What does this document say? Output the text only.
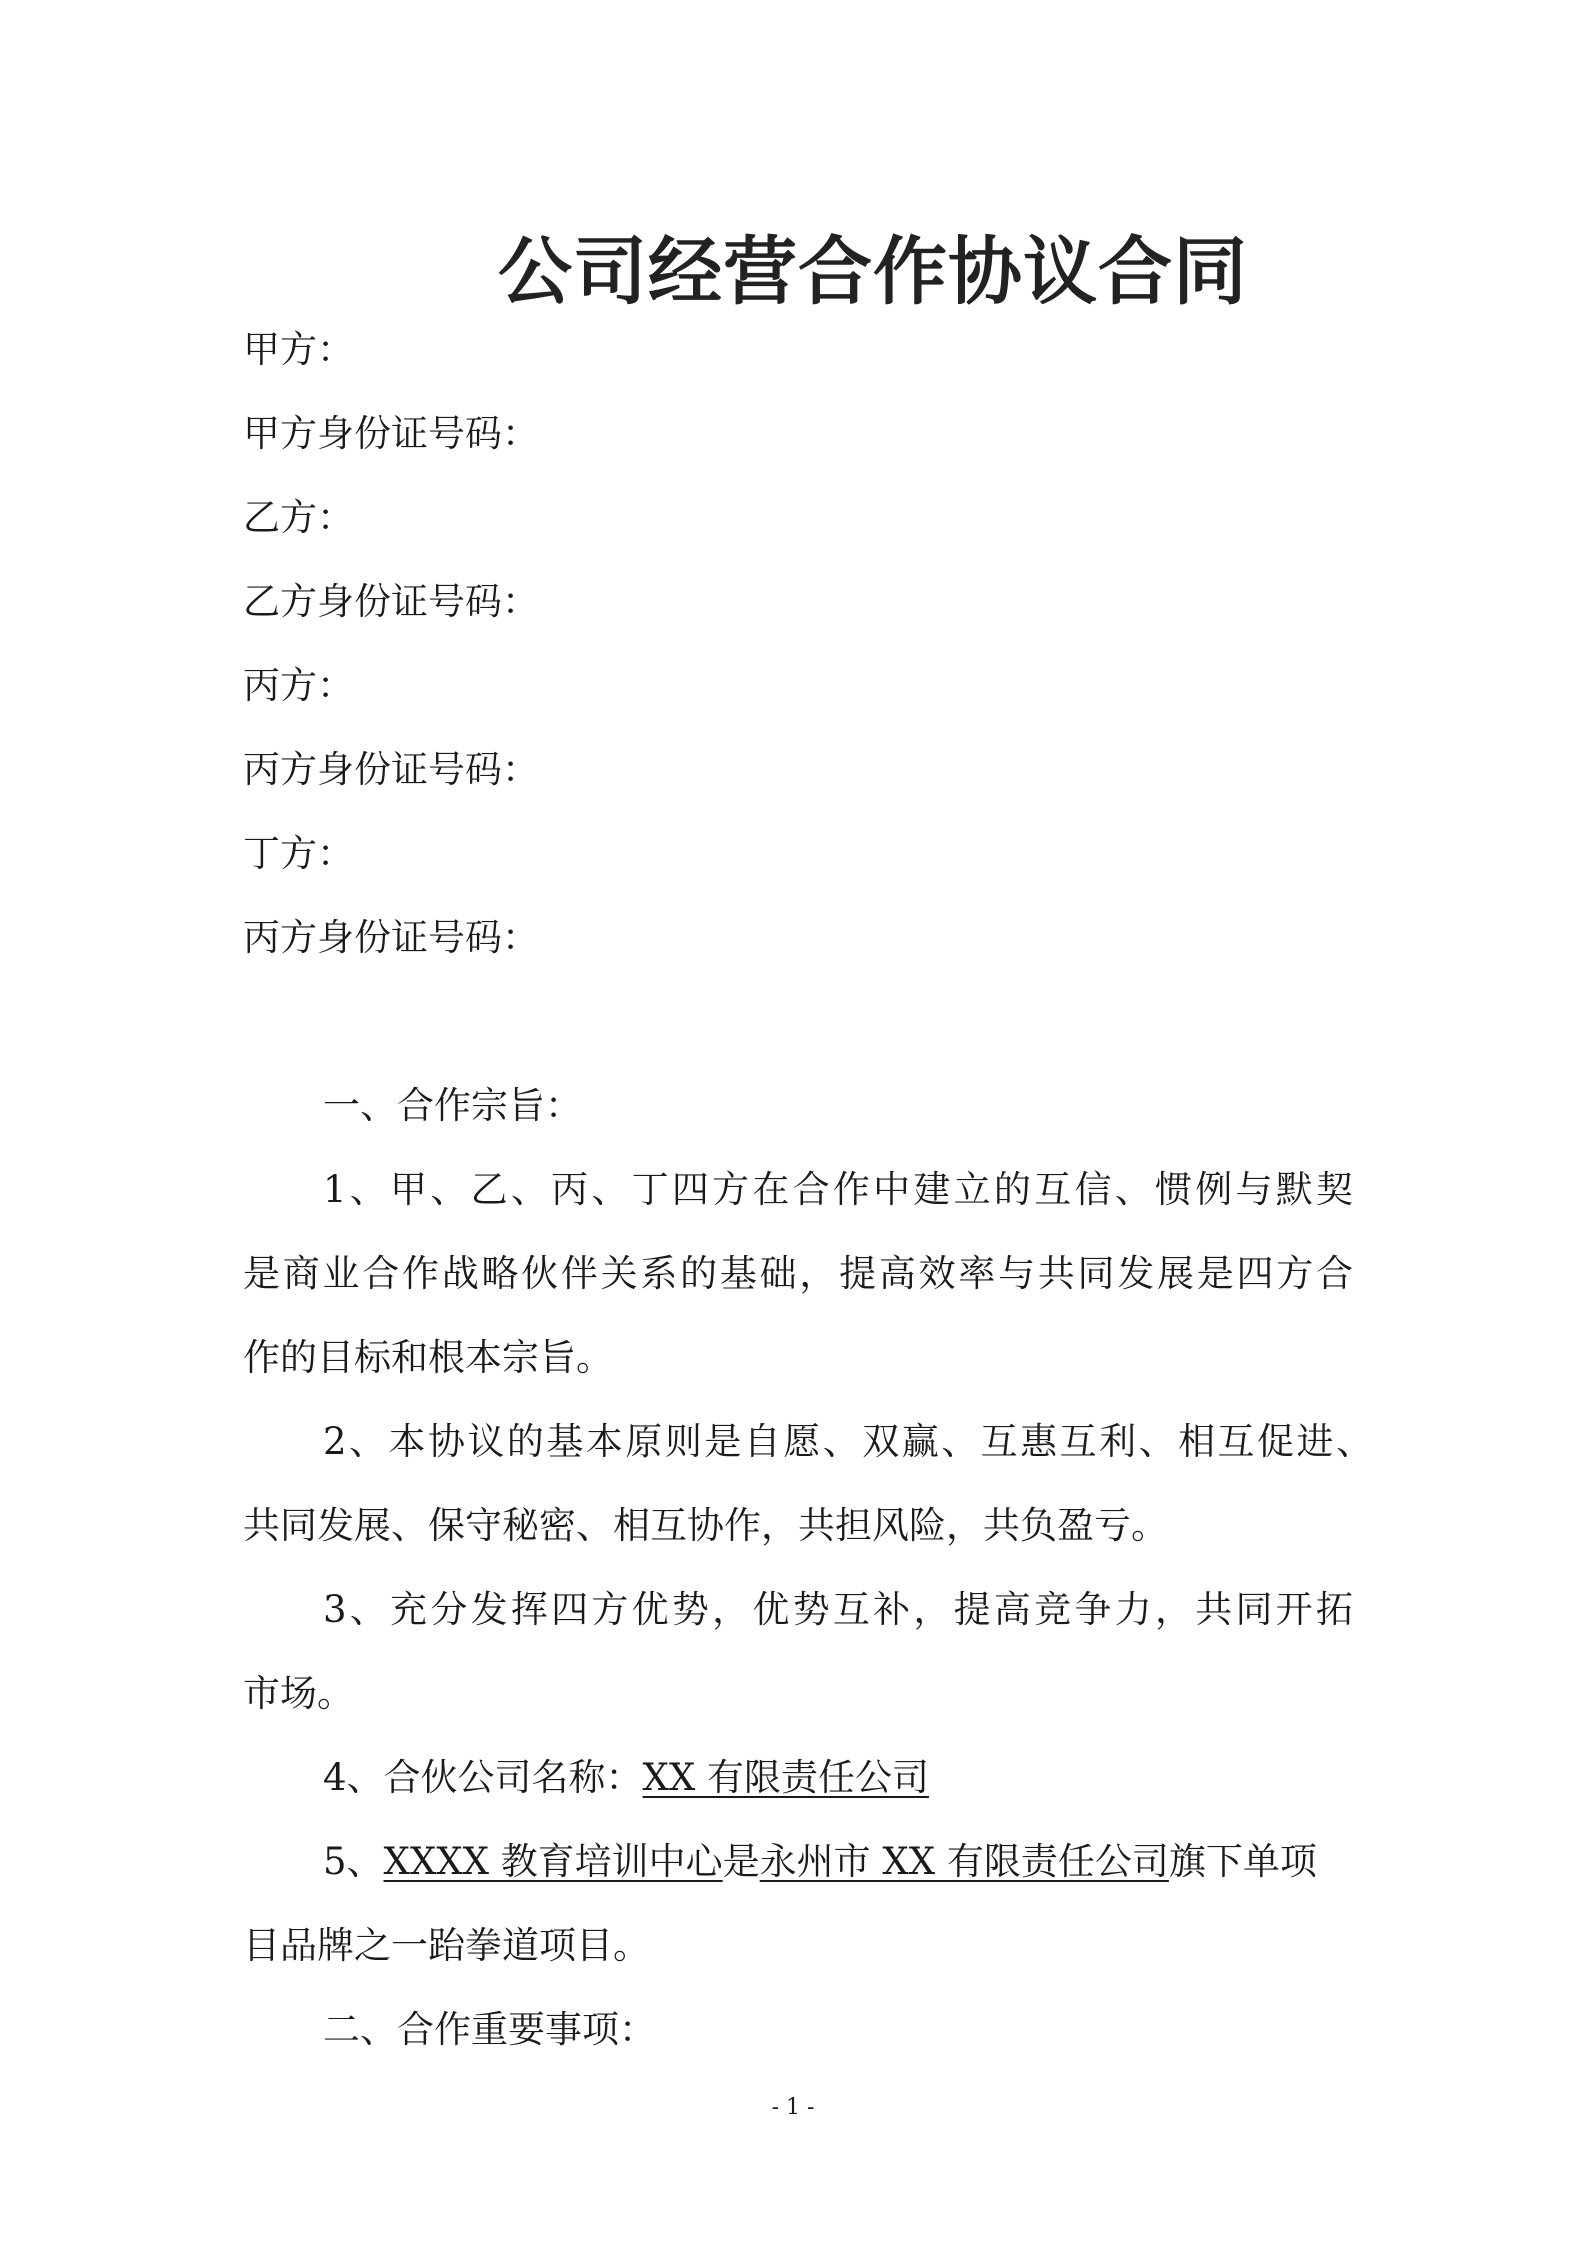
公司经营合作协议合同
甲方：
甲方身份证号码：
乙方：
乙方身份证号码：
丙方：
丙方身份证号码：
丁方：
丙方身份证号码：
一、合作宗旨：
1、甲、乙、丙、丁四方在合作中建立的互信、惯例与默契
是商业合作战略伙伴关系的基础，提高效率与共同发展是四方合
作的目标和根本宗旨。
2、本协议的基本原则是自愿、双赢、互惠互利、相互促进、
共同发展、保守秘密、相互协作，共担风险，共负盈亏。
3、充分发挥四方优势，优势互补，提高竞争力，共同开拓
市场。
4、合伙公司名称：XX 有限责任公司
5、XXXX 教育培训中心是永州市 XX 有限责任公司旗下单项
目品牌之一跆拳道项目。
二、合作重要事项：
- 1 -
